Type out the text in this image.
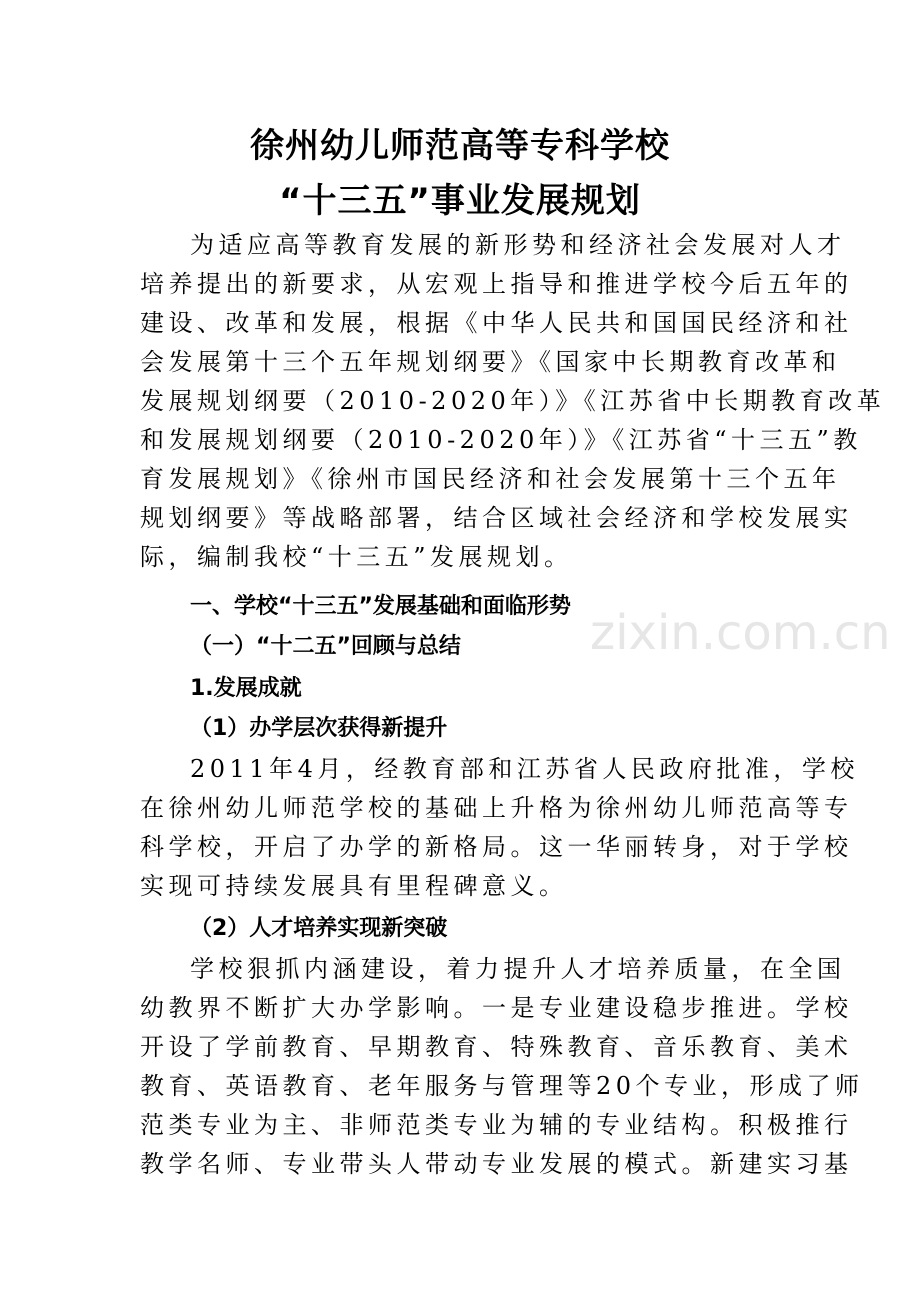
zixin.com.cn
徐州幼儿师范高等专科学校
“十三五”事业发展规划
为适应高等教育发展的新形势和经济社会发展对人才
培养提出的新要求，从宏观上指导和推进学校今后五年的
建设、改革和发展，根据《中华人民共和国国民经济和社
会发展第十三个五年规划纲要》《国家中长期教育改革和
发展规划纲要（2010-2020年）》《江苏省中长期教育改革
和发展规划纲要（2010-2020年）》《江苏省“十三五”教
育发展规划》《徐州市国民经济和社会发展第十三个五年
规划纲要》等战略部署，结合区域社会经济和学校发展实
际，编制我校“十三五”发展规划。
一、学校“十三五”发展基础和面临形势
（一）“十二五”回顾与总结
1.发展成就
（1）办学层次获得新提升
2011年4月，经教育部和江苏省人民政府批准，学校
在徐州幼儿师范学校的基础上升格为徐州幼儿师范高等专
科学校，开启了办学的新格局。这一华丽转身，对于学校
实现可持续发展具有里程碑意义。
（2）人才培养实现新突破
学校狠抓内涵建设，着力提升人才培养质量，在全国
幼教界不断扩大办学影响。一是专业建设稳步推进。学校
开设了学前教育、早期教育、特殊教育、音乐教育、美术
教育、英语教育、老年服务与管理等20个专业，形成了师
范类专业为主、非师范类专业为辅的专业结构。积极推行
教学名师、专业带头人带动专业发展的模式。新建实习基
